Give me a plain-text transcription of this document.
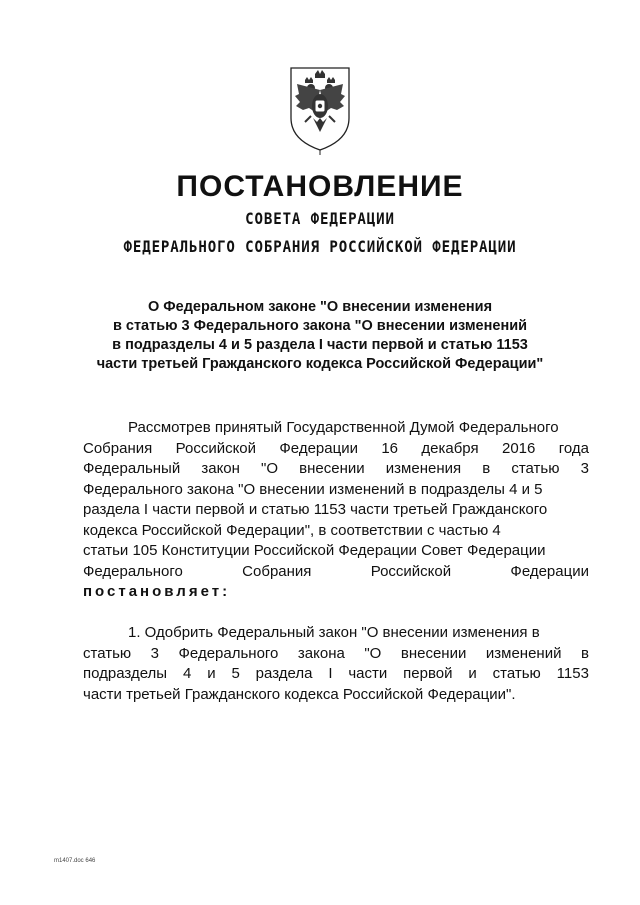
ПОСТАНОВЛЕНИЕ
СОВЕТА ФЕДЕРАЦИИ
ФЕДЕРАЛЬНОГО СОБРАНИЯ РОССИЙСКОЙ ФЕДЕРАЦИИ
О Федеральном законе "О внесении изменения
в статью 3 Федерального закона "О внесении изменений
в подразделы 4 и 5 раздела I части первой и статью 1153
части третьей Гражданского кодекса Российской Федерации"
Рассмотрев принятый Государственной Думой Федерального
Собрания Российской Федерации 16 декабря 2016 года
Федеральный закон "О внесении изменения в статью 3
Федерального закона "О внесении изменений в подразделы 4 и 5
раздела I части первой и статью 1153 части третьей Гражданского
кодекса Российской Федерации", в соответствии с частью 4
статьи 105 Конституции Российской Федерации Совет Федерации
Федерального	Собрания	Российской	Федерации
постановляет:
1. Одобрить Федеральный закон "О внесении изменения в
статью 3 Федерального закона "О внесении изменений в
подразделы 4 и 5 раздела I части первой и статью 1153
части третьей Гражданского кодекса Российской Федерации".
m1407.doc 646
